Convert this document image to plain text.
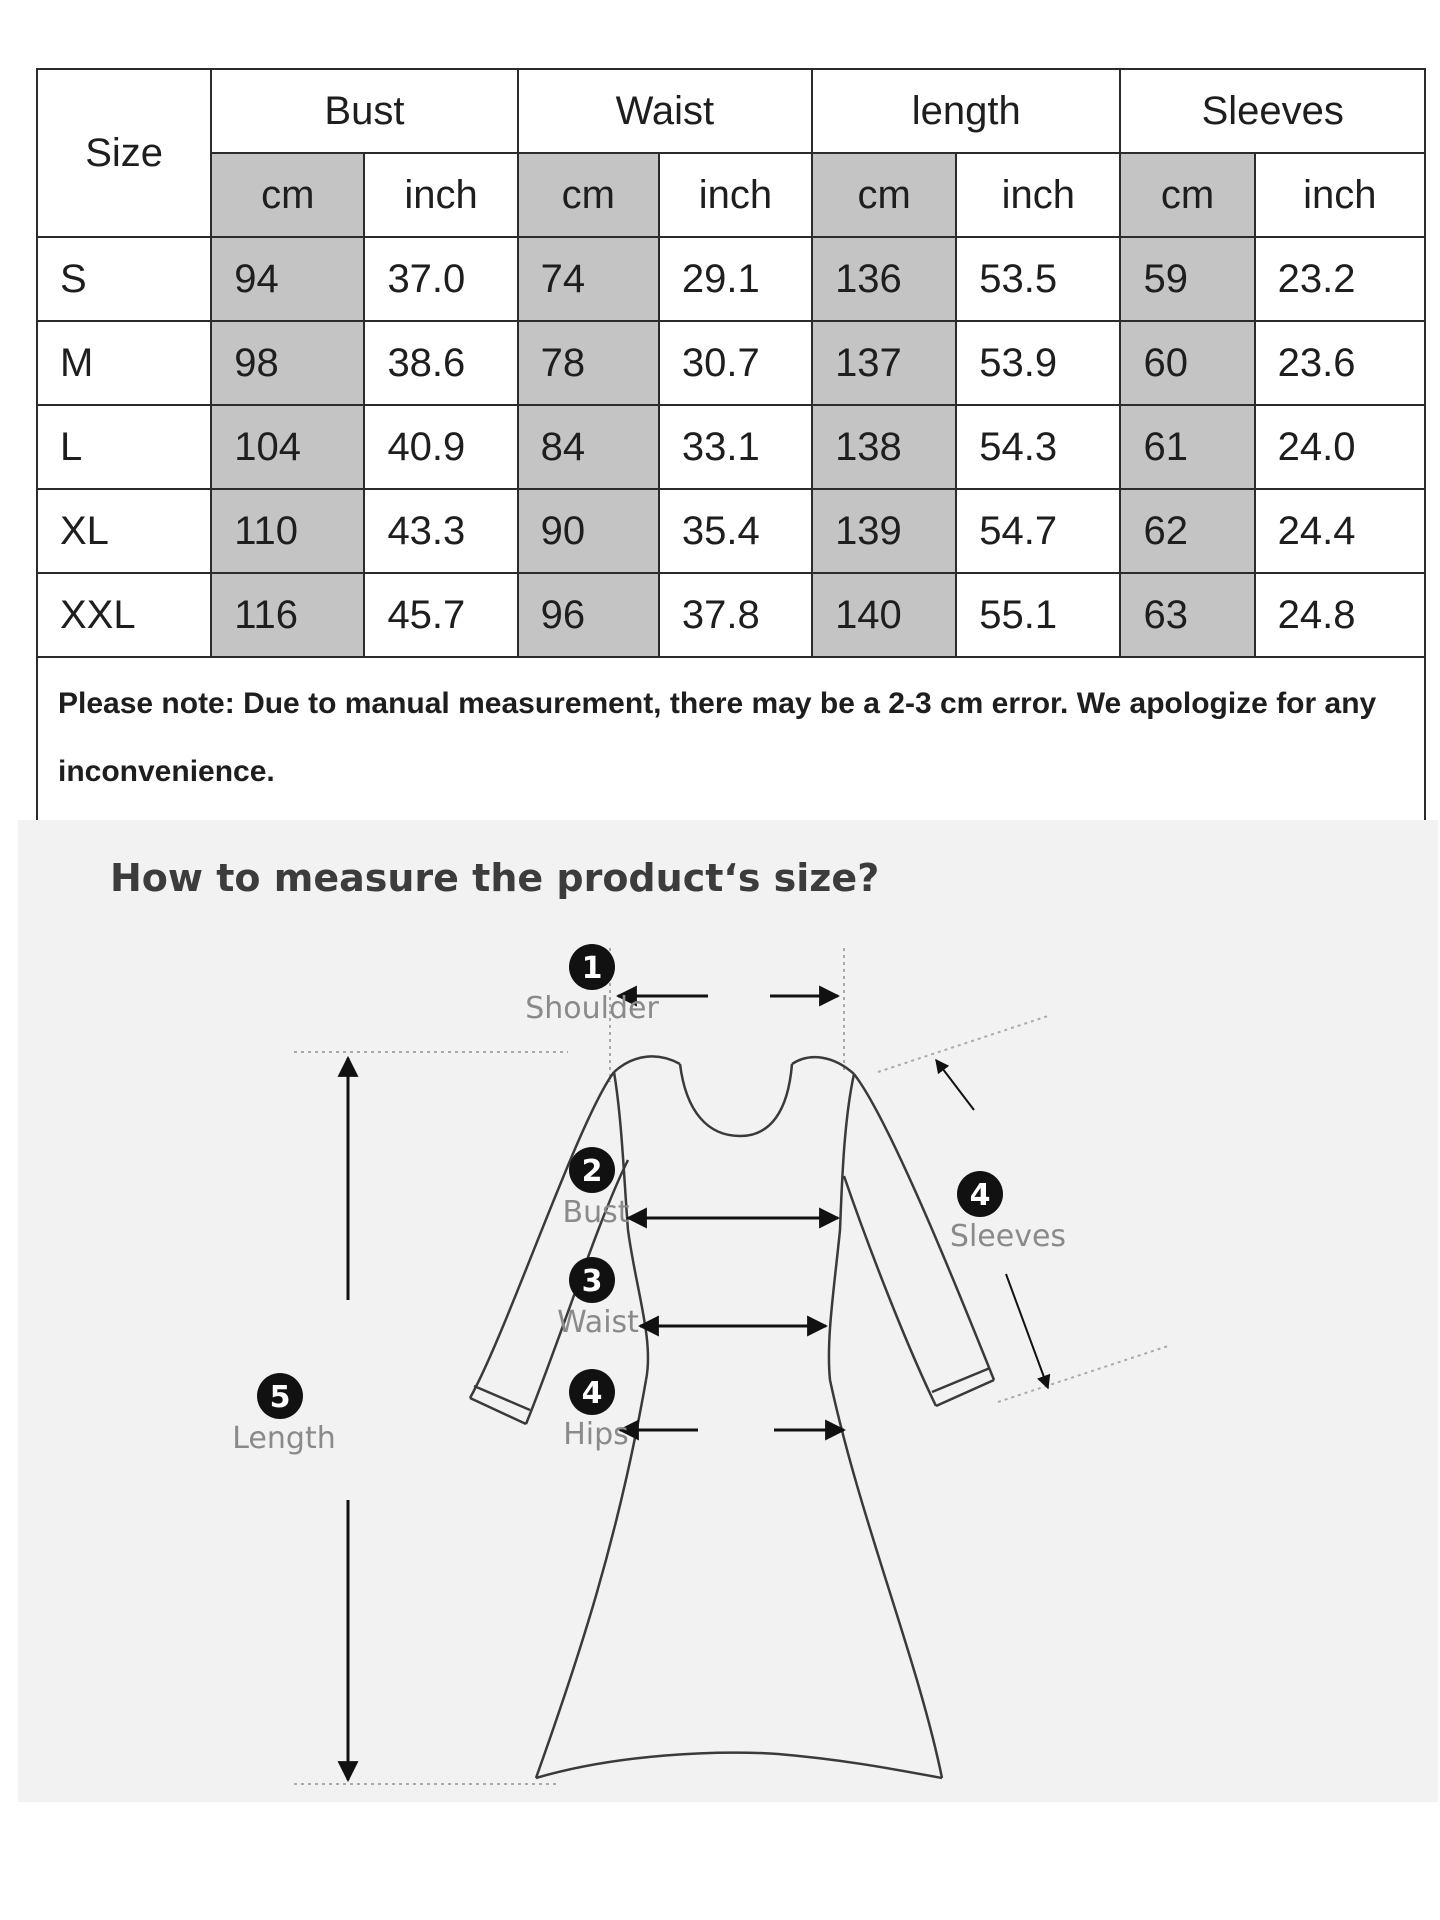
Size	Bust		Waist		length		Sleeves	
	cm	inch	cm	inch	cm	inch	cm	inch
S	94	37.0	74	29.1	136	53.5	59	23.2
M	98	38.6	78	30.7	137	53.9	60	23.6
L	104	40.9	84	33.1	138	54.3	61	24.0
XL	110	43.3	90	35.4	139	54.7	62	24.4
XXL	116	45.7	96	37.8	140	55.1	63	24.8
Please note: Due to manual measurement, there may be a 2-3 cm error. We apologize for any inconvenience.								
1
Shoulder
2
Bust
3
Waist
4
Hips
4
Sleeves
5
Length
How to measure the product‘s size?
